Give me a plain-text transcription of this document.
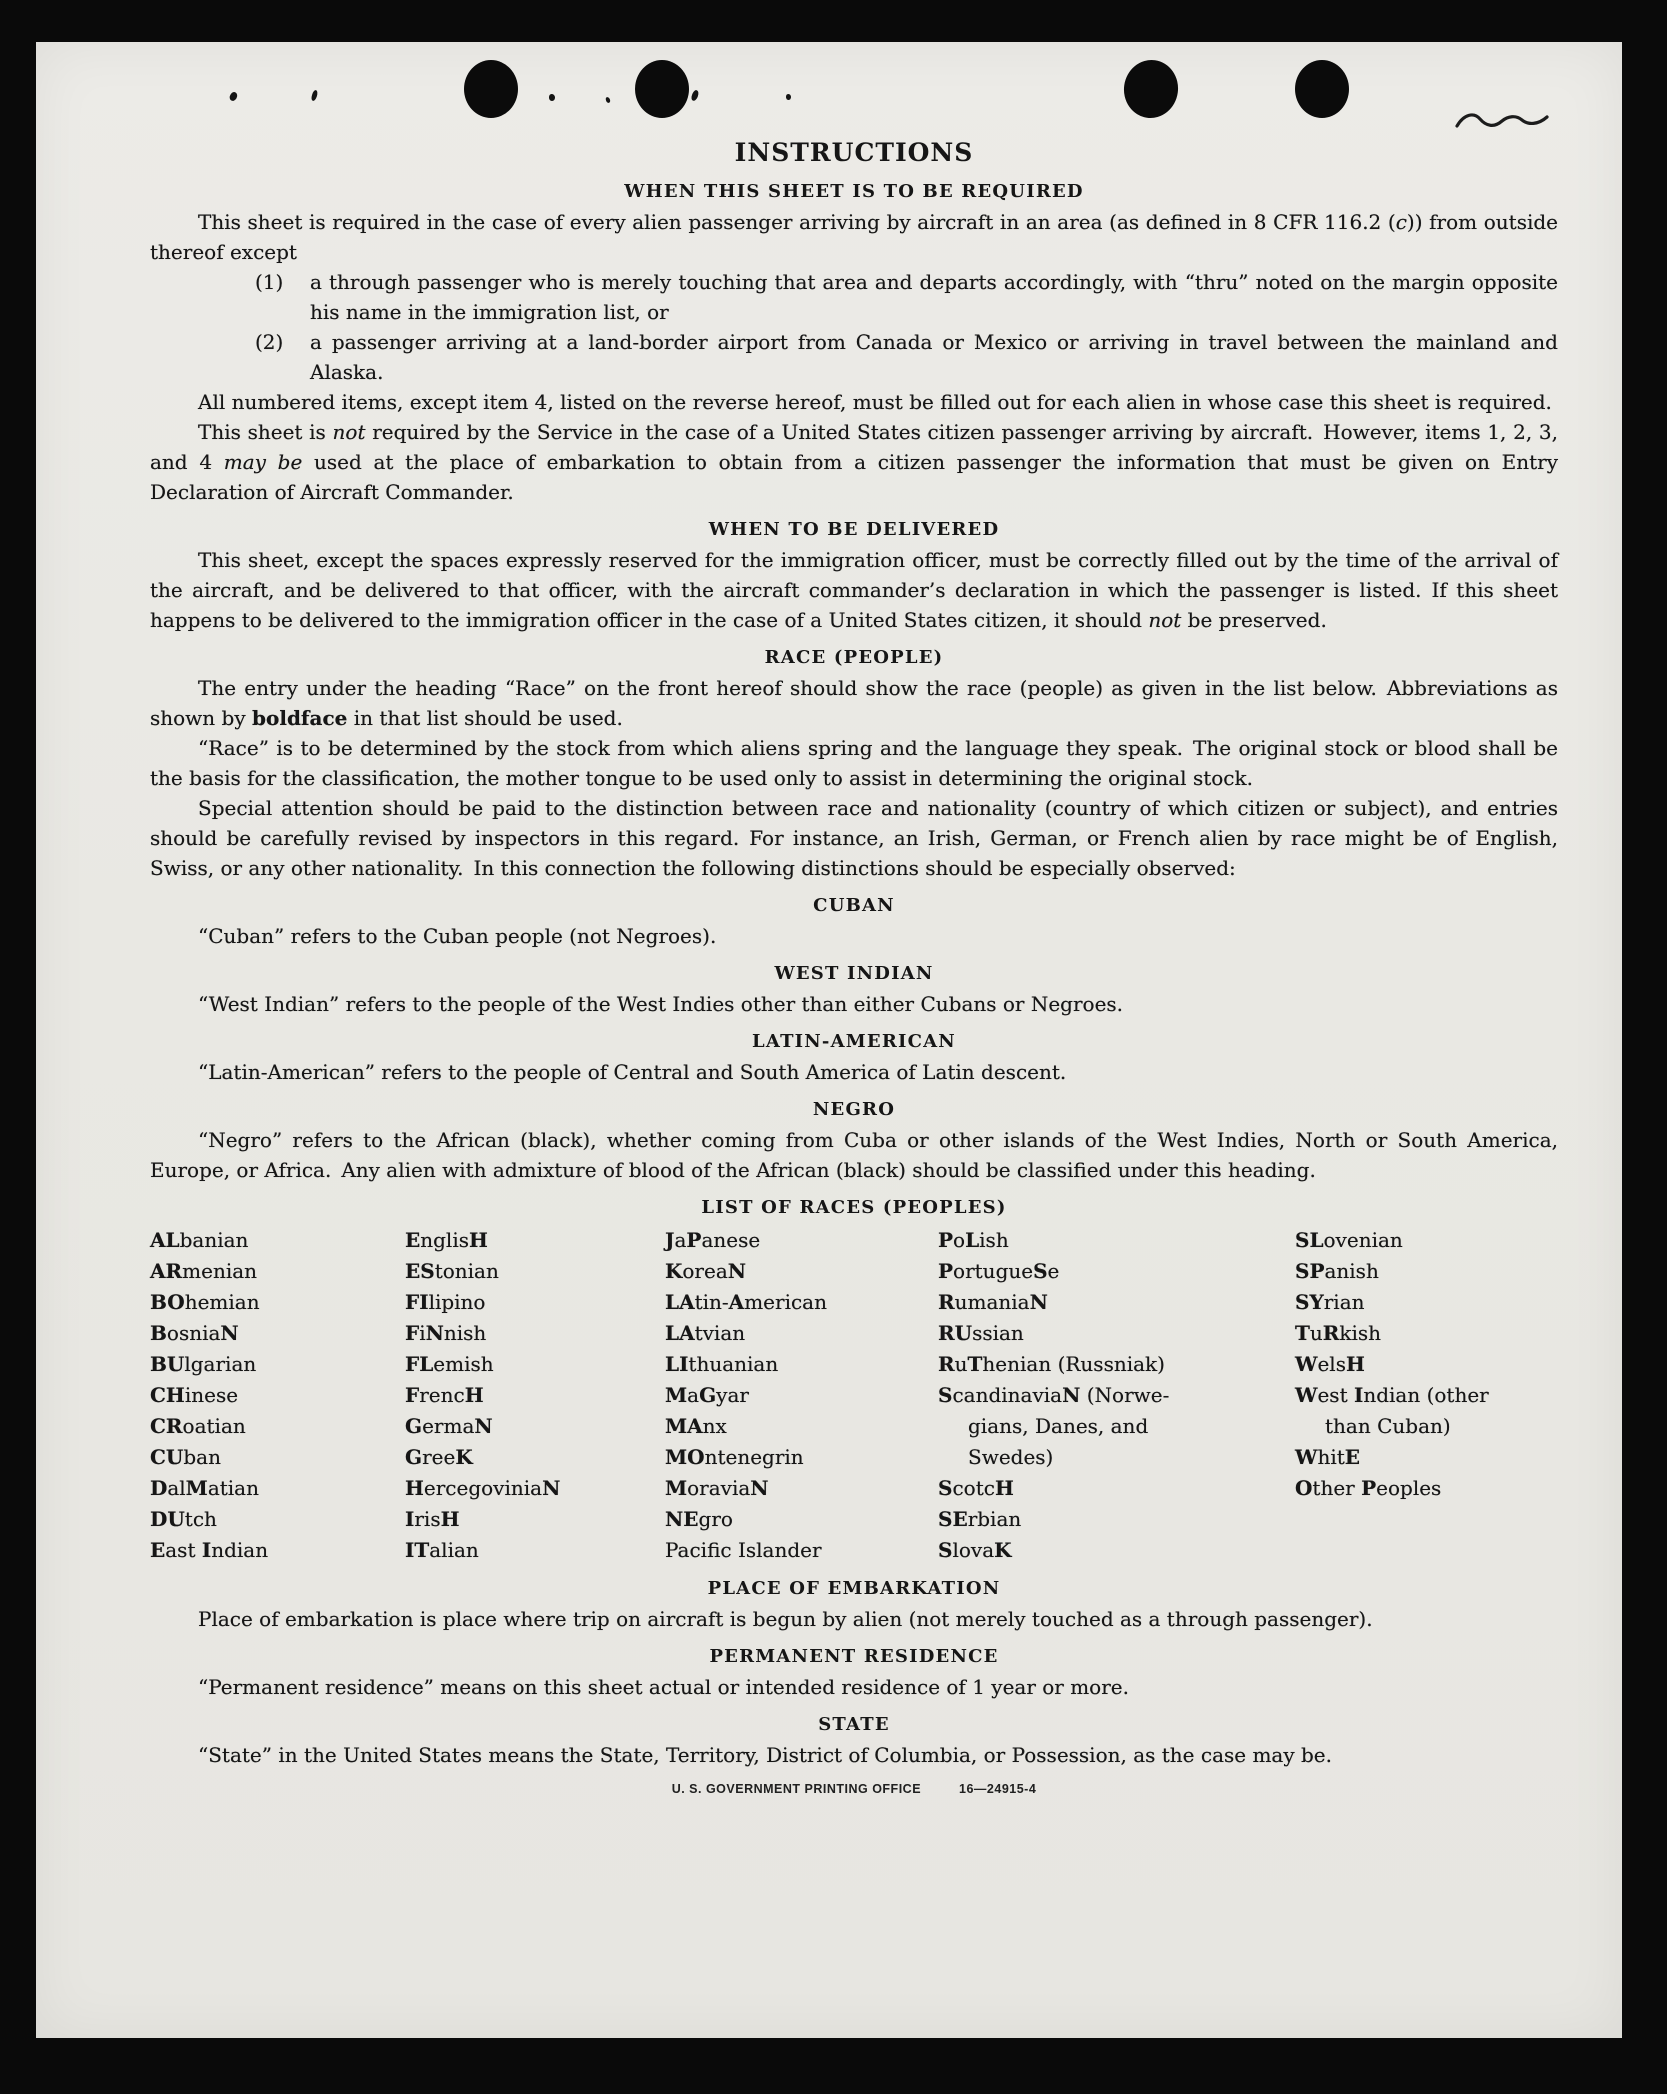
INSTRUCTIONS
WHEN THIS SHEET IS TO BE REQUIRED
This sheet is required in the case of every alien passenger arriving by aircraft in an area (as defined in 8 CFR 116.2 (c)) from outside thereof except
(1) a through passenger who is merely touching that area and departs accordingly, with “thru” noted on the margin opposite his name in the immigration list, or
(2) a passenger arriving at a land-border airport from Canada or Mexico or arriving in travel between the mainland and Alaska.
All numbered items, except item 4, listed on the reverse hereof, must be filled out for each alien in whose case this sheet is required.
This sheet is not required by the Service in the case of a United States citizen passenger arriving by aircraft. However, items 1, 2, 3, and 4 may be used at the place of embarkation to obtain from a citizen passenger the information that must be given on Entry Declaration of Aircraft Commander.
WHEN TO BE DELIVERED
This sheet, except the spaces expressly reserved for the immigration officer, must be correctly filled out by the time of the arrival of the aircraft, and be delivered to that officer, with the aircraft commander’s declaration in which the passenger is listed. If this sheet happens to be delivered to the immigration officer in the case of a United States citizen, it should not be preserved.
RACE (PEOPLE)
The entry under the heading “Race” on the front hereof should show the race (people) as given in the list below. Abbreviations as shown by boldface in that list should be used.
“Race” is to be determined by the stock from which aliens spring and the language they speak. The original stock or blood shall be the basis for the classification, the mother tongue to be used only to assist in determining the original stock.
Special attention should be paid to the distinction between race and nationality (country of which citizen or subject), and entries should be carefully revised by inspectors in this regard. For instance, an Irish, German, or French alien by race might be of English, Swiss, or any other nationality. In this connection the following distinctions should be especially observed:
CUBAN
“Cuban” refers to the Cuban people (not Negroes).
WEST INDIAN
“West Indian” refers to the people of the West Indies other than either Cubans or Negroes.
LATIN-AMERICAN
“Latin-American” refers to the people of Central and South America of Latin descent.
NEGRO
“Negro” refers to the African (black), whether coming from Cuba or other islands of the West Indies, North or South America, Europe, or Africa. Any alien with admixture of blood of the African (black) should be classified under this heading.
LIST OF RACES (PEOPLES)
ALbanian
ARmenian
BOhemian
BosniaN
BUlgarian
CHinese
CRoatian
CUban
DalMatian
DUtch
East Indian
EnglisH
EStonian
FIlipino
FiNnish
FLemish
FrencH
GermaN
GreeK
HercegoviniaN
IrisH
ITalian
JaPanese
KoreaN
LAtin-American
LAtvian
LIthuanian
MaGyar
MAnx
MOntenegrin
MoraviaN
NEgro
Pacific Islander
PoLish
PortugueSe
RumaniaN
RUssian
RuThenian (Russniak)
ScandinaviaN (Norwe-
gians, Danes, and
Swedes)
ScotcH
SErbian
SlovaK
SLovenian
SPanish
SYrian
TuRkish
WelsH
West Indian (other
than Cuban)
WhitE
Other Peoples
PLACE OF EMBARKATION
Place of embarkation is place where trip on aircraft is begun by alien (not merely touched as a through passenger).
PERMANENT RESIDENCE
“Permanent residence” means on this sheet actual or intended residence of 1 year or more.
STATE
“State” in the United States means the State, Territory, District of Columbia, or Possession, as the case may be.
U. S. GOVERNMENT PRINTING OFFICE	16—24915-4
